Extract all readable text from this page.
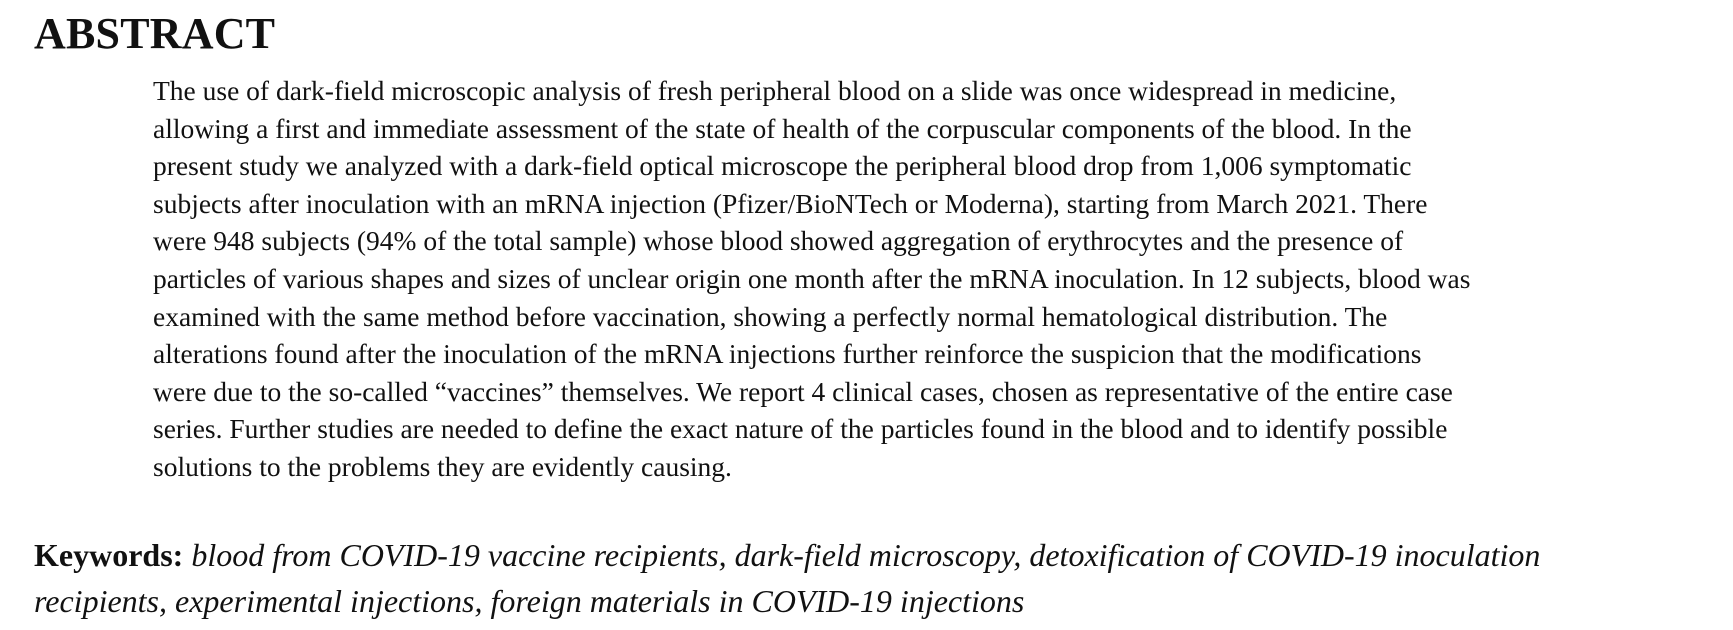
ABSTRACT
The use of dark-field microscopic analysis of fresh peripheral blood on a slide was once widespread in medicine,
allowing a first and immediate assessment of the state of health of the corpuscular components of the blood. In the
present study we analyzed with a dark-field optical microscope the peripheral blood drop from 1,006 symptomatic
subjects after inoculation with an mRNA injection (Pfizer/BioNTech or Moderna), starting from March 2021. There
were 948 subjects (94% of the total sample) whose blood showed aggregation of erythrocytes and the presence of
particles of various shapes and sizes of unclear origin one month after the mRNA inoculation. In 12 subjects, blood was
examined with the same method before vaccination, showing a perfectly normal hematological distribution. The
alterations found after the inoculation of the mRNA injections further reinforce the suspicion that the modifications
were due to the so-called “vaccines” themselves. We report 4 clinical cases, chosen as representative of the entire case
series. Further studies are needed to define the exact nature of the particles found in the blood and to identify possible
solutions to the problems they are evidently causing.
Keywords: blood from COVID-19 vaccine recipients, dark-field microscopy, detoxification of COVID-19 inoculation
recipients, experimental injections, foreign materials in COVID-19 injections
